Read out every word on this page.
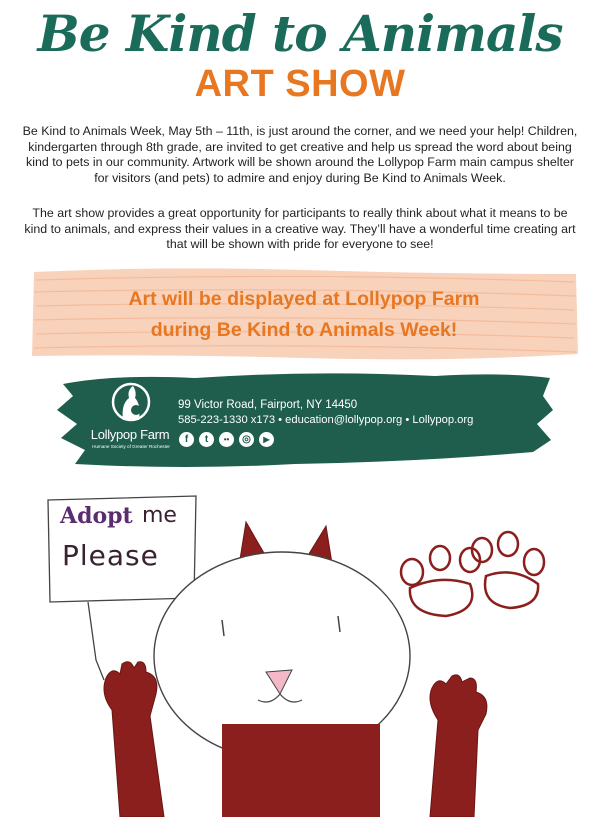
Be Kind to Animals
ART SHOW
Be Kind to Animals Week, May 5th – 11th, is just around the corner, and we need your help! Children, kindergarten through 8th grade, are invited to get creative and help us spread the word about being kind to pets in our community. Artwork will be shown around the Lollypop Farm main campus shelter for visitors (and pets) to admire and enjoy during Be Kind to Animals Week.
The art show provides a great opportunity for participants to really think about what it means to be kind to animals, and express their values in a creative way. They’ll have a wonderful time creating art that will be shown with pride for everyone to see!
Art will be displayed at Lollypop Farm
during Be Kind to Animals Week!
Lollypop Farm
Humane Society of Greater Rochester
99 Victor Road, Fairport, NY 14450
585-223-1330 x173 • education@lollypop.org • Lollypop.org
f	t	••	◎	▶
Adopt me
Please
